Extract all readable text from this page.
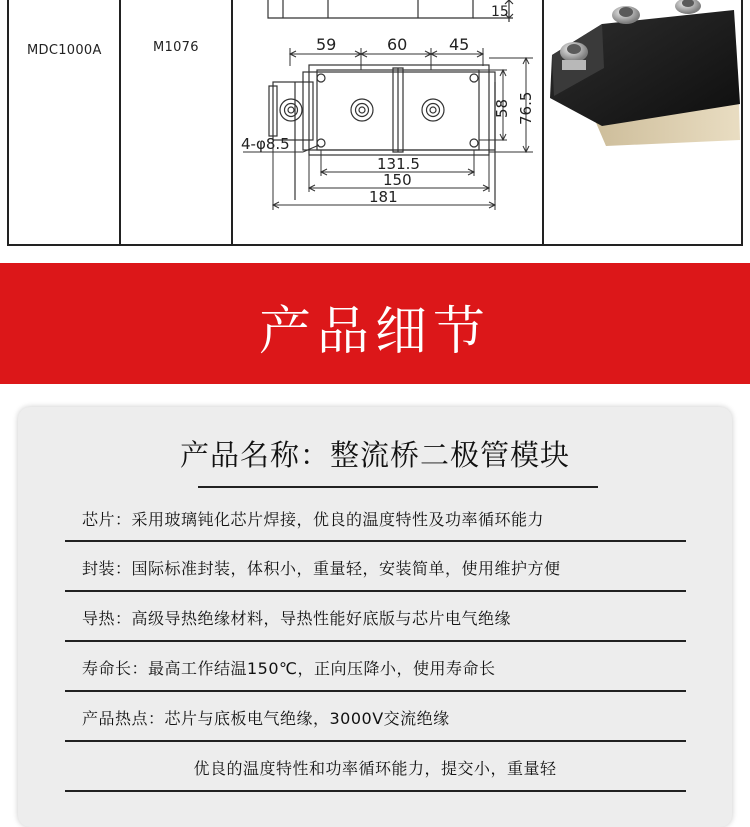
MDC1000A	M1076
15
59	60	45
58 76.5
4-φ8.5
131.5
150
181
产品细节
产品名称：整流桥二极管模块
芯片：采用玻璃钝化芯片焊接，优良的温度特性及功率循环能力
封装：国际标准封装，体积小，重量轻，安装简单，使用维护方便
导热：高级导热绝缘材料，导热性能好底版与芯片电气绝缘
寿命长：最高工作结温150℃，正向压降小，使用寿命长
产品热点：芯片与底板电气绝缘，3000V交流绝缘
优良的温度特性和功率循环能力，提交小，重量轻
